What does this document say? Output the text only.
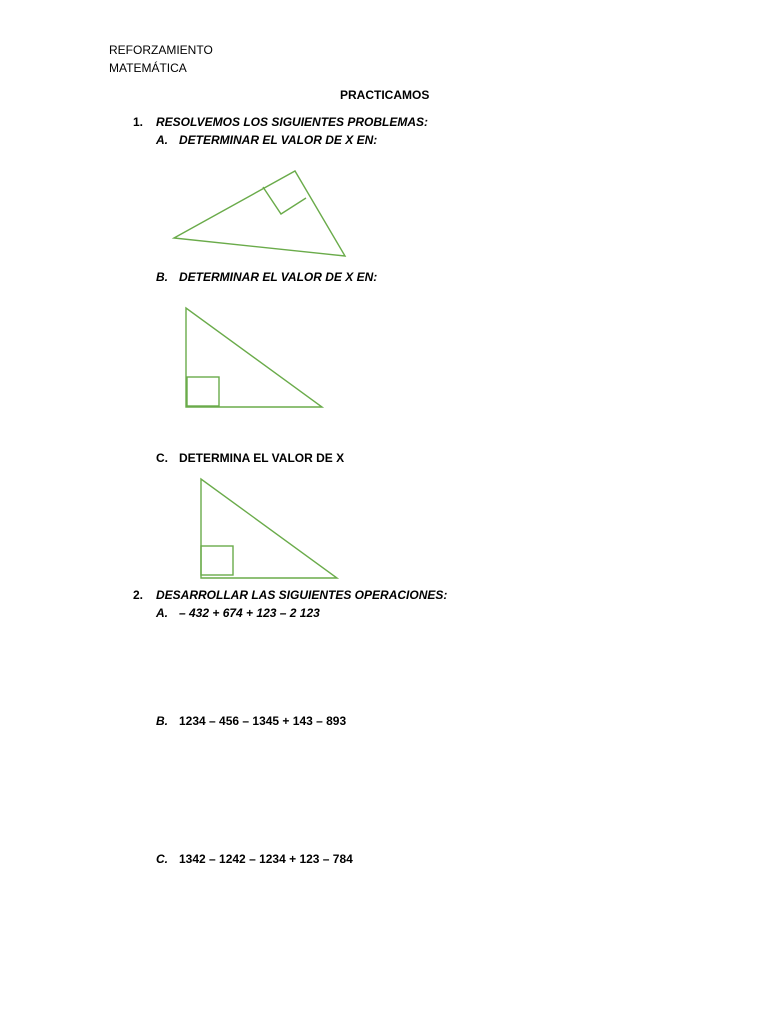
REFORZAMIENTO
MATEMÁTICA
PRACTICAMOS
1. RESOLVEMOS LOS SIGUIENTES PROBLEMAS:
A. DETERMINAR EL VALOR DE X EN:
B. DETERMINAR EL VALOR DE X EN:
C. DETERMINA EL VALOR DE X
2. DESARROLLAR LAS SIGUIENTES OPERACIONES:
A. – 432 + 674 + 123 – 2 123
B. 1234 – 456 – 1345 + 143 – 893
C. 1342 – 1242 – 1234 + 123 – 784
